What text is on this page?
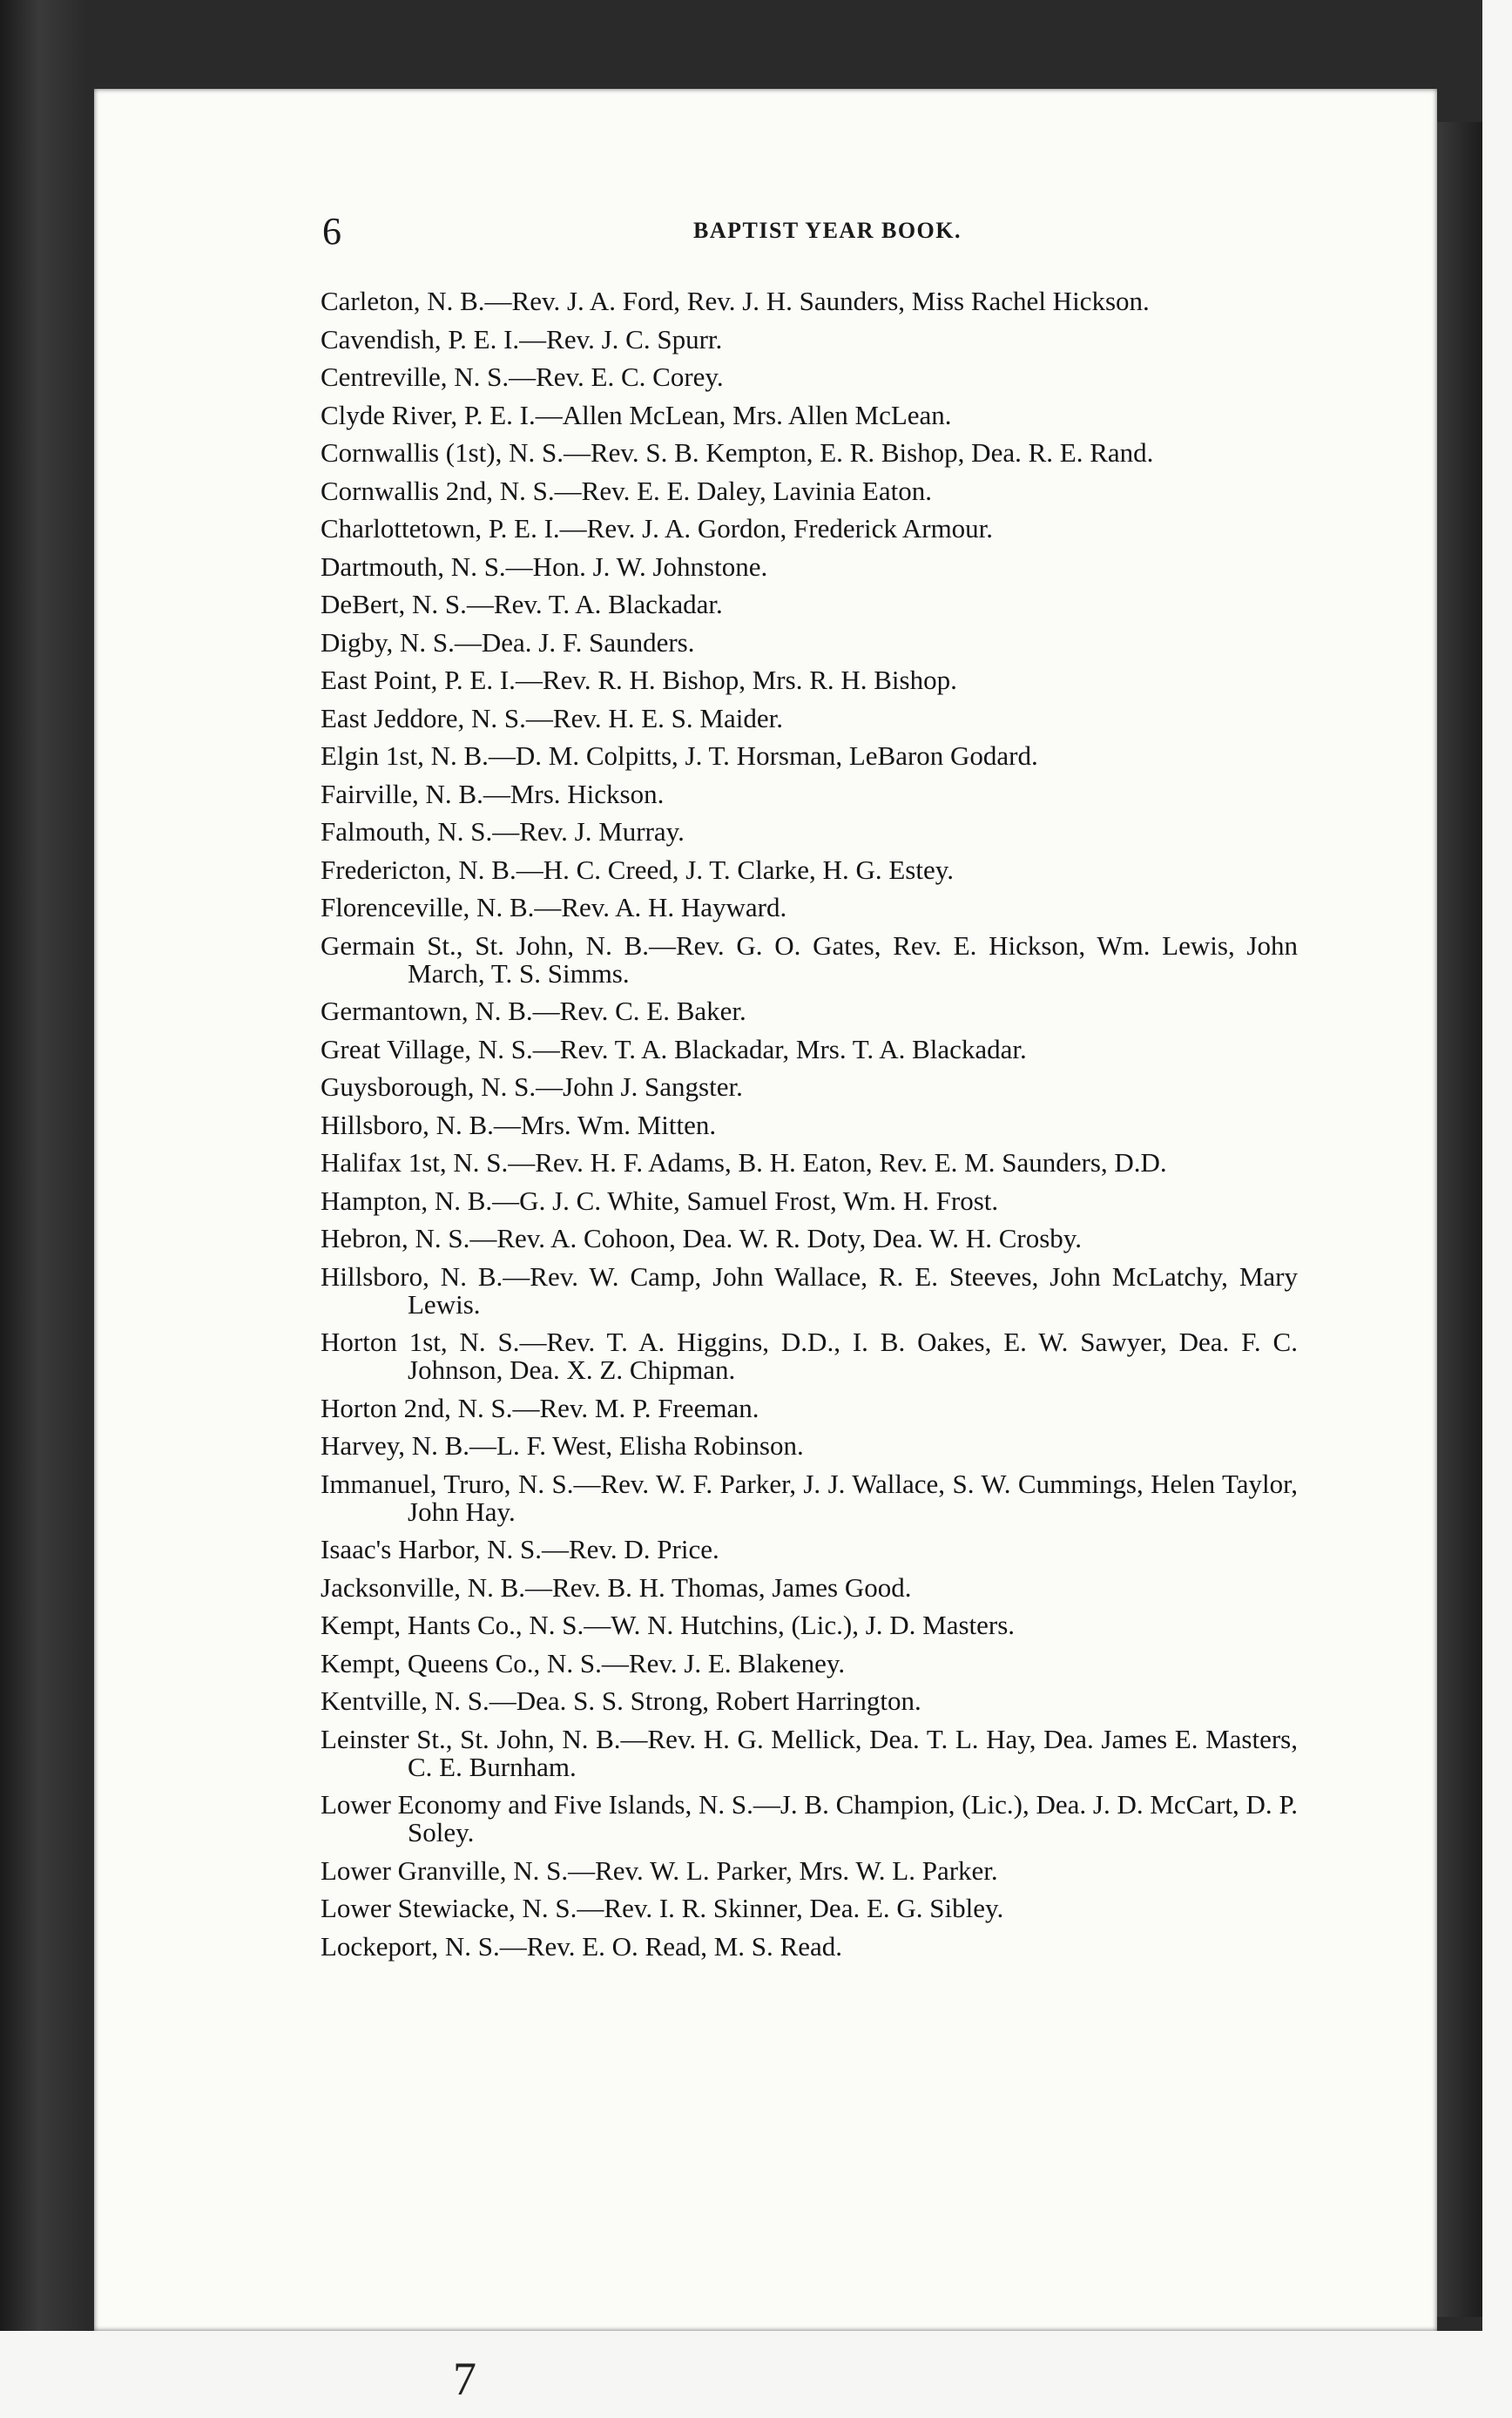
6	BAPTIST YEAR BOOK.
Carleton, N. B.—Rev. J. A. Ford, Rev. J. H. Saunders, Miss Rachel Hickson.
Cavendish, P. E. I.—Rev. J. C. Spurr.
Centreville, N. S.—Rev. E. C. Corey.
Clyde River, P. E. I.—Allen McLean, Mrs. Allen McLean.
Cornwallis (1st), N. S.—Rev. S. B. Kempton, E. R. Bishop, Dea. R. E. Rand.
Cornwallis 2nd, N. S.—Rev. E. E. Daley, Lavinia Eaton.
Charlottetown, P. E. I.—Rev. J. A. Gordon, Frederick Armour.
Dartmouth, N. S.—Hon. J. W. Johnstone.
DeBert, N. S.—Rev. T. A. Blackadar.
Digby, N. S.—Dea. J. F. Saunders.
East Point, P. E. I.—Rev. R. H. Bishop, Mrs. R. H. Bishop.
East Jeddore, N. S.—Rev. H. E. S. Maider.
Elgin 1st, N. B.—D. M. Colpitts, J. T. Horsman, LeBaron Godard.
Fairville, N. B.—Mrs. Hickson.
Falmouth, N. S.—Rev. J. Murray.
Fredericton, N. B.—H. C. Creed, J. T. Clarke, H. G. Estey.
Florenceville, N. B.—Rev. A. H. Hayward.
Germain St., St. John, N. B.—Rev. G. O. Gates, Rev. E. Hickson, Wm. Lewis, John March, T. S. Simms.
Germantown, N. B.—Rev. C. E. Baker.
Great Village, N. S.—Rev. T. A. Blackadar, Mrs. T. A. Blackadar.
Guysborough, N. S.—John J. Sangster.
Hillsboro, N. B.—Mrs. Wm. Mitten.
Halifax 1st, N. S.—Rev. H. F. Adams, B. H. Eaton, Rev. E. M. Saunders, D.D.
Hampton, N. B.—G. J. C. White, Samuel Frost, Wm. H. Frost.
Hebron, N. S.—Rev. A. Cohoon, Dea. W. R. Doty, Dea. W. H. Crosby.
Hillsboro, N. B.—Rev. W. Camp, John Wallace, R. E. Steeves, John McLatchy, Mary Lewis.
Horton 1st, N. S.—Rev. T. A. Higgins, D.D., I. B. Oakes, E. W. Sawyer, Dea. F. C. Johnson, Dea. X. Z. Chipman.
Horton 2nd, N. S.—Rev. M. P. Freeman.
Harvey, N. B.—L. F. West, Elisha Robinson.
Immanuel, Truro, N. S.—Rev. W. F. Parker, J. J. Wallace, S. W. Cummings, Helen Taylor, John Hay.
Isaac's Harbor, N. S.—Rev. D. Price.
Jacksonville, N. B.—Rev. B. H. Thomas, James Good.
Kempt, Hants Co., N. S.—W. N. Hutchins, (Lic.), J. D. Masters.
Kempt, Queens Co., N. S.—Rev. J. E. Blakeney.
Kentville, N. S.—Dea. S. S. Strong, Robert Harrington.
Leinster St., St. John, N. B.—Rev. H. G. Mellick, Dea. T. L. Hay, Dea. James E. Masters, C. E. Burnham.
Lower Economy and Five Islands, N. S.—J. B. Champion, (Lic.), Dea. J. D. McCart, D. P. Soley.
Lower Granville, N. S.—Rev. W. L. Parker, Mrs. W. L. Parker.
Lower Stewiacke, N. S.—Rev. I. R. Skinner, Dea. E. G. Sibley.
Lockeport, N. S.—Rev. E. O. Read, M. S. Read.
7
